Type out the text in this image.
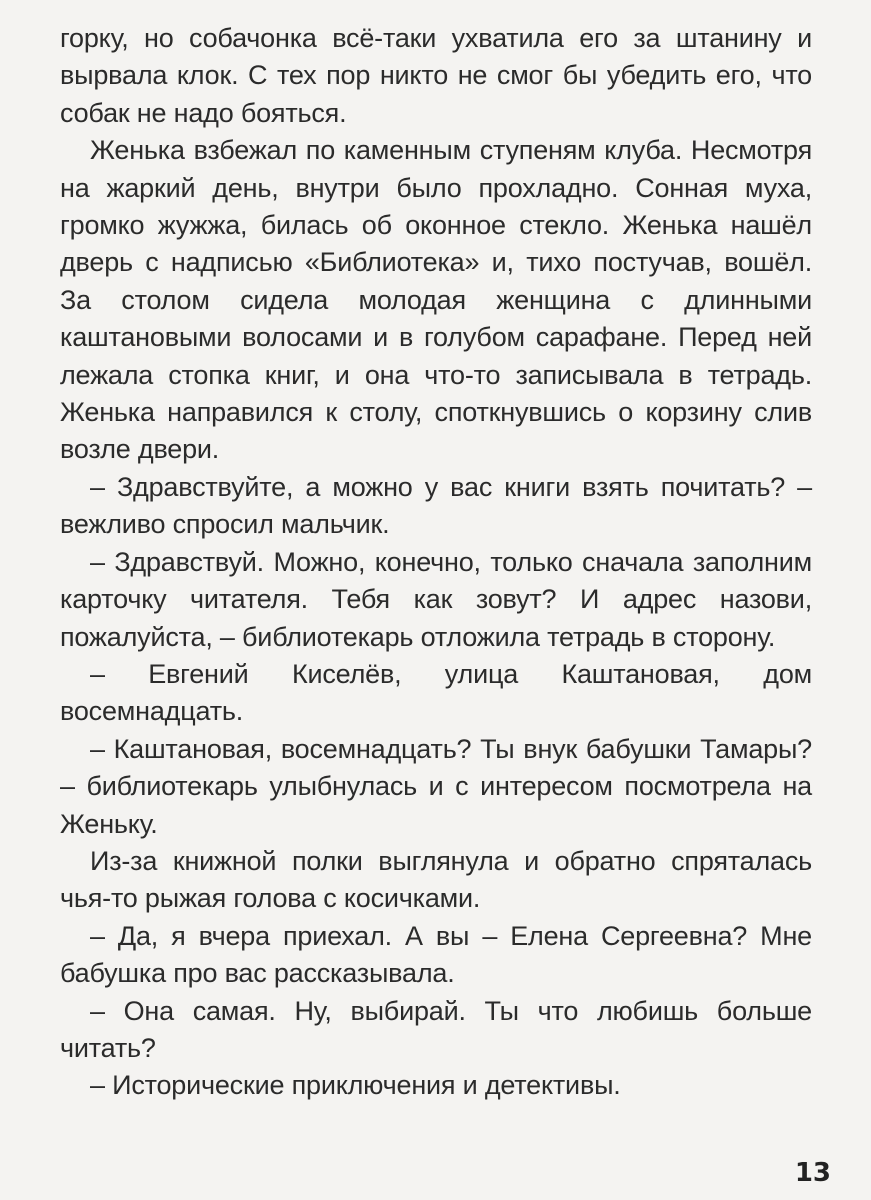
горку, но собачонка всё-таки ухватила его за штанину и вырвала клок. С тех пор никто не смог бы убедить его, что собак не надо бояться.

Женька взбежал по каменным ступеням клуба. Несмотря на жаркий день, внутри было прохладно. Сонная муха, громко жужжа, билась об оконное стекло. Женька нашёл дверь с надписью «Библиотека» и, тихо постучав, вошёл. За столом сидела молодая женщина с длинными каштановыми волосами и в голубом сарафане. Перед ней лежала стопка книг, и она что-то записывала в тетрадь. Женька направился к столу, споткнувшись о корзину слив возле двери.

– Здравствуйте, а можно у вас книги взять почитать? – вежливо спросил мальчик.

– Здравствуй. Можно, конечно, только сначала заполним карточку читателя. Тебя как зовут? И адрес назови, пожалуйста, – библиотекарь отложила тетрадь в сторону.

– Евгений Киселёв, улица Каштановая, дом восемнадцать.

– Каштановая, восемнадцать? Ты внук бабушки Тамары? – библиотекарь улыбнулась и с интересом посмотрела на Женьку.

Из-за книжной полки выглянула и обратно спряталась чья-то рыжая голова с косичками.

– Да, я вчера приехал. А вы – Елена Сергеевна? Мне бабушка про вас рассказывала.

– Она самая. Ну, выбирай. Ты что любишь больше читать?

– Исторические приключения и детективы.

13
